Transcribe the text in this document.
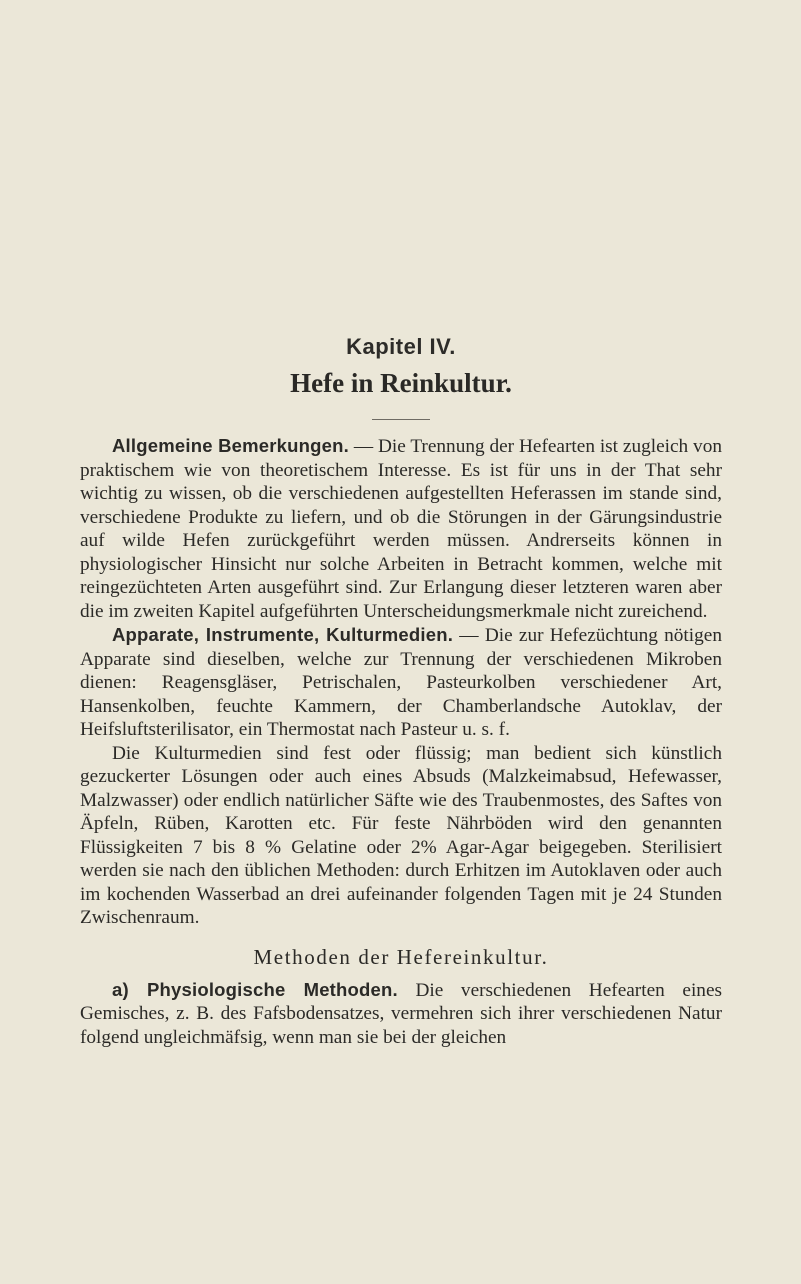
Kapitel IV.
Hefe in Reinkultur.

Allgemeine Bemerkungen. — Die Trennung der Hefearten ist zugleich von praktischem wie von theoretischem Interesse. Es ist für uns in der That sehr wichtig zu wissen, ob die verschiedenen aufgestellten Heferassen im stande sind, verschiedene Produkte zu liefern, und ob die Störungen in der Gärungsindustrie auf wilde Hefen zurückgeführt werden müssen. Andrerseits können in physiologischer Hinsicht nur solche Arbeiten in Betracht kommen, welche mit reingezüchteten Arten ausgeführt sind. Zur Erlangung dieser letzteren waren aber die im zweiten Kapitel aufgeführten Unterscheidungsmerkmale nicht zureichend.

Apparate, Instrumente, Kulturmedien. — Die zur Hefezüchtung nötigen Apparate sind dieselben, welche zur Trennung der verschiedenen Mikroben dienen: Reagensgläser, Petrischalen, Pasteurkolben verschiedener Art, Hansenkolben, feuchte Kammern, der Chamberlandsche Autoklav, der Heifsluftsterilisator, ein Thermostat nach Pasteur u. s. f.

Die Kulturmedien sind fest oder flüssig; man bedient sich künstlich gezuckerter Lösungen oder auch eines Absuds (Malzkeimabsud, Hefewasser, Malzwasser) oder endlich natürlicher Säfte wie des Traubenmostes, des Saftes von Äpfeln, Rüben, Karotten etc. Für feste Nährböden wird den genannten Flüssigkeiten 7 bis 8 % Gelatine oder 2% Agar-Agar beigegeben. Sterilisiert werden sie nach den üblichen Methoden: durch Erhitzen im Autoklaven oder auch im kochenden Wasserbad an drei aufeinander folgenden Tagen mit je 24 Stunden Zwischenraum.

Methoden der Hefereinkultur.

a) Physiologische Methoden. Die verschiedenen Hefearten eines Gemisches, z. B. des Fafsbodensatzes, vermehren sich ihrer verschiedenen Natur folgend ungleichmäfsig, wenn man sie bei der gleichen
